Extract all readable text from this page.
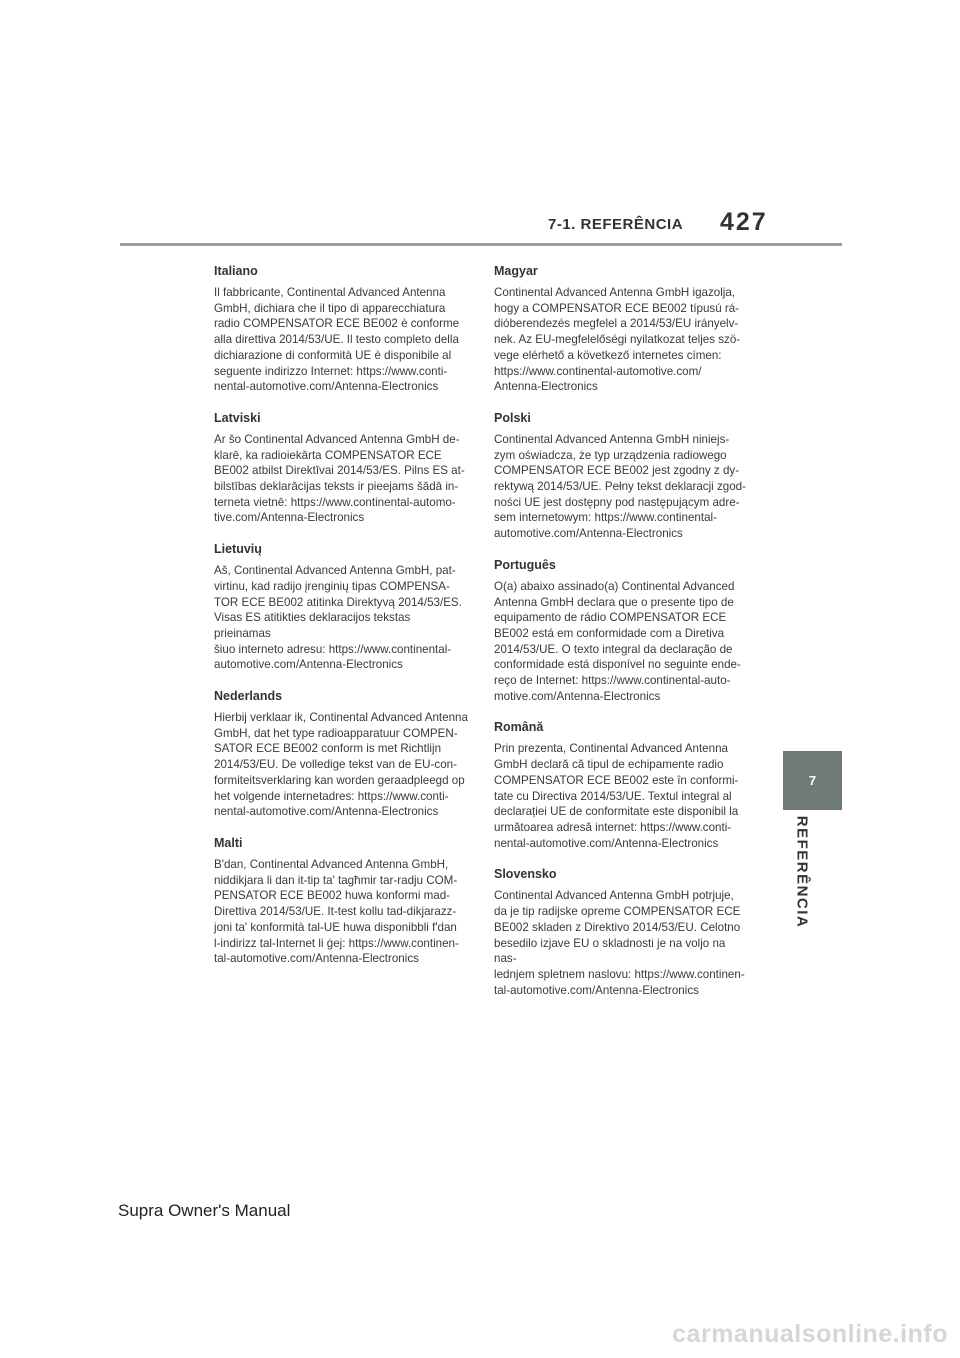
7-1. REFERÊNCIA 427
Italiano

Il fabbricante, Continental Advanced Antenna
GmbH, dichiara che il tipo di apparecchiatura
radio COMPENSATOR ECE BE002 è conforme
alla direttiva 2014/53/UE. Il testo completo della
dichiarazione di conformità UE è disponibile al
seguente indirizzo Internet: https://www.conti-
nental-automotive.com/Antenna-Electronics

Latviski

Ar šo Continental Advanced Antenna GmbH de-
klarē, ka radioiekārta COMPENSATOR ECE
BE002 atbilst Direktīvai 2014/53/ES. Pilns ES at-
bilstības deklarācijas teksts ir pieejams šādā in-
terneta vietnē: https://www.continental-automo-
tive.com/Antenna-Electronics

Lietuvių

Aš, Continental Advanced Antenna GmbH, pat-
virtinu, kad radijo įrenginių tipas COMPENSA-
TOR ECE BE002 atitinka Direktyvą 2014/53/ES.
Visas ES atitikties deklaracijos tekstas prieinamas
šiuo interneto adresu: https://www.continental-
automotive.com/Antenna-Electronics

Nederlands

Hierbij verklaar ik, Continental Advanced Antenna
GmbH, dat het type radioapparatuur COMPEN-
SATOR ECE BE002 conform is met Richtlijn
2014/53/EU. De volledige tekst van de EU-con-
formiteitsverklaring kan worden geraadpleegd op
het volgende internetadres: https://www.conti-
nental-automotive.com/Antenna-Electronics

Malti

B'dan, Continental Advanced Antenna GmbH,
niddikjara li dan it-tip ta' tagħmir tar-radju COM-
PENSATOR ECE BE002 huwa konformi mad-
Direttiva 2014/53/UE. It-test kollu tad-dikjarazz-
joni ta' konformità tal-UE huwa disponibbli f'dan
l-indirizz tal-Internet li ġej: https://www.continen-
tal-automotive.com/Antenna-Electronics

Magyar

Continental Advanced Antenna GmbH igazolja,
hogy a COMPENSATOR ECE BE002 típusú rá-
dióberendezés megfelel a 2014/53/EU irányelv-
nek. Az EU-megfelelőségi nyilatkozat teljes szö-
vege elérhető a következő internetes címen:
https://www.continental-automotive.com/
Antenna-Electronics

Polski

Continental Advanced Antenna GmbH niniejs-
zym oświadcza, że typ urządzenia radiowego
COMPENSATOR ECE BE002 jest zgodny z dy-
rektywą 2014/53/UE. Pełny tekst deklaracji zgod-
ności UE jest dostępny pod następującym adre-
sem internetowym: https://www.continental-
automotive.com/Antenna-Electronics

Português

O(a) abaixo assinado(a) Continental Advanced
Antenna GmbH declara que o presente tipo de
equipamento de rádio COMPENSATOR ECE
BE002 está em conformidade com a Diretiva
2014/53/UE. O texto integral da declaração de
conformidade está disponível no seguinte ende-
reço de Internet: https://www.continental-auto-
motive.com/Antenna-Electronics

Română

Prin prezenta, Continental Advanced Antenna
GmbH declară că tipul de echipamente radio
COMPENSATOR ECE BE002 este în conformi-
tate cu Directiva 2014/53/UE. Textul integral al
declarației UE de conformitate este disponibil la
următoarea adresă internet: https://www.conti-
nental-automotive.com/Antenna-Electronics

Slovensko

Continental Advanced Antenna GmbH potrjuje,
da je tip radijske opreme COMPENSATOR ECE
BE002 skladen z Direktivo 2014/53/EU. Celotno
besedilo izjave EU o skladnosti je na voljo na nas-
lednjem spletnem naslovu: https://www.continen-
tal-automotive.com/Antenna-Electronics

7
REFERÊNCIA
Supra Owner's Manual
carmanualsonline.info
